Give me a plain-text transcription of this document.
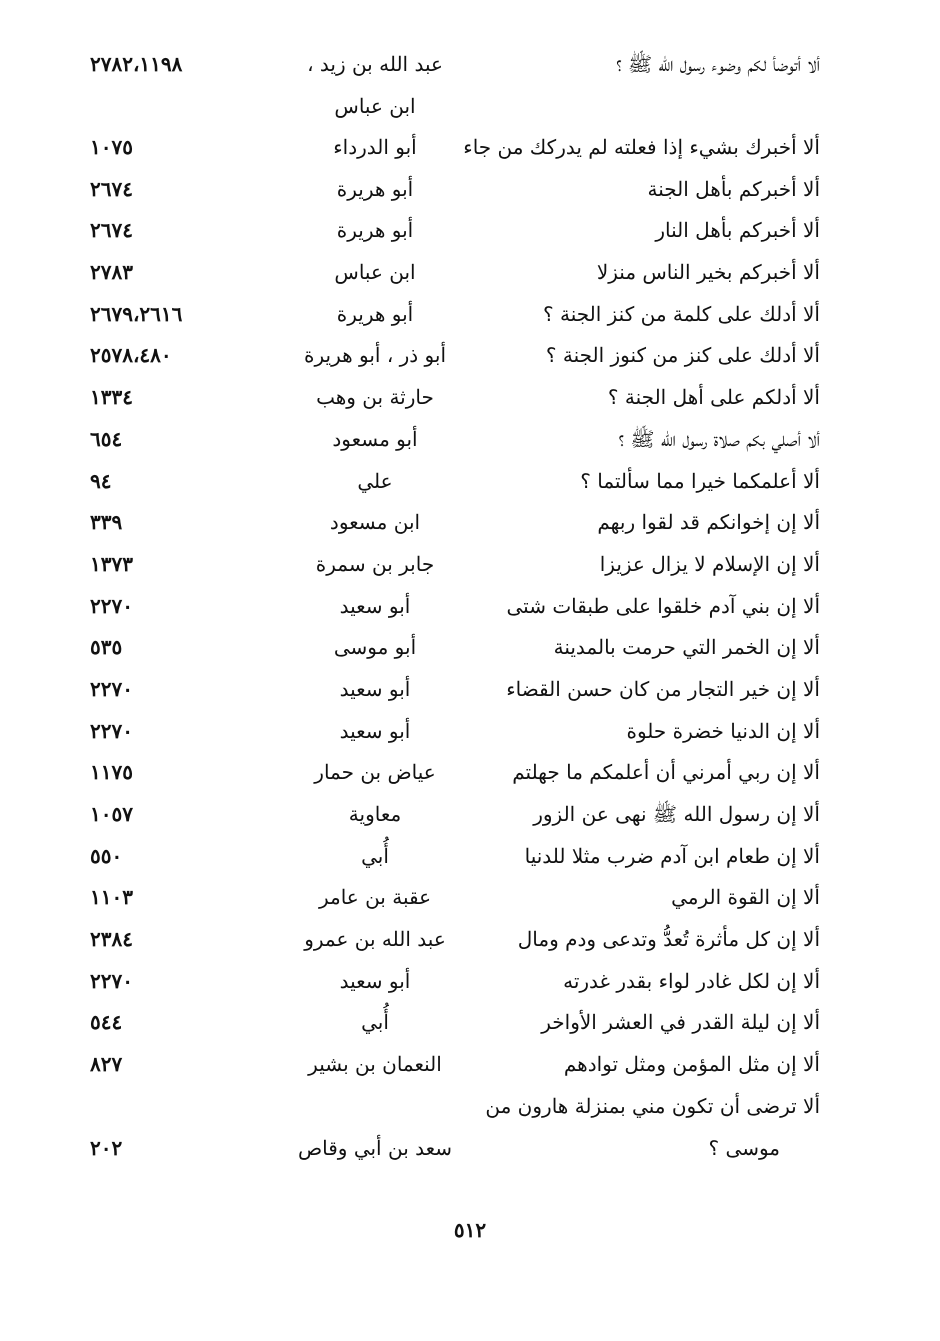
ألا أتوضأ لكم وضوء رسول الله ﷺ ؟
عبد الله بن زيد ،
ابن عباس
٢٧٨٢،١١٩٨
ألا أخبرك بشيء إذا فعلته لم يدركك من جاء
أبو الدرداء
١٠٧٥
ألا أخبركم بأهل الجنة
أبو هريرة
٢٦٧٤
ألا أخبركم بأهل النار
أبو هريرة
٢٦٧٤
ألا أخبركم بخير الناس منزلا
ابن عباس
٢٧٨٣
ألا أدلك على كلمة من كنز الجنة ؟
أبو هريرة
٢٦٧٩،٢٦١٦
ألا أدلك على كنز من كنوز الجنة ؟
أبو ذر ، أبو هريرة
٢٥٧٨،٤٨٠
ألا أدلكم على أهل الجنة ؟
حارثة بن وهب
١٣٣٤
ألا أصلي بكم صلاة رسول الله ﷺ ؟
أبو مسعود
٦٥٤
ألا أعلمكما خيرا مما سألتما ؟
علي
٩٤
ألا إن إخوانكم قد لقوا ربهم
ابن مسعود
٣٣٩
ألا إن الإسلام لا يزال عزيزا
جابر بن سمرة
١٣٧٣
ألا إن بني آدم خلقوا على طبقات شتى
أبو سعيد
٢٢٧٠
ألا إن الخمر التي حرمت بالمدينة
أبو موسى
٥٣٥
ألا إن خير التجار من كان حسن القضاء
أبو سعيد
٢٢٧٠
ألا إن الدنيا خضرة حلوة
أبو سعيد
٢٢٧٠
ألا إن ربي أمرني أن أعلمكم ما جهلتم
عياض بن حمار
١١٧٥
ألا إن رسول الله ﷺ نهى عن الزور
معاوية
١٠٥٧
ألا إن طعام ابن آدم ضرب مثلا للدنيا
أُبي
٥٥٠
ألا إن القوة الرمي
عقبة بن عامر
١١٠٣
ألا إن كل مأثرة تُعدُّ وتدعى ودم ومال
عبد الله بن عمرو
٢٣٨٤
ألا إن لكل غادر لواء بقدر غدرته
أبو سعيد
٢٢٧٠
ألا إن ليلة القدر في العشر الأواخر
أُبي
٥٤٤
ألا إن مثل المؤمن ومثل توادهم
النعمان بن بشير
٨٢٧
ألا ترضى أن تكون مني بمنزلة هارون من
موسى ؟
سعد بن أبي وقاص
٢٠٢
٥١٢
